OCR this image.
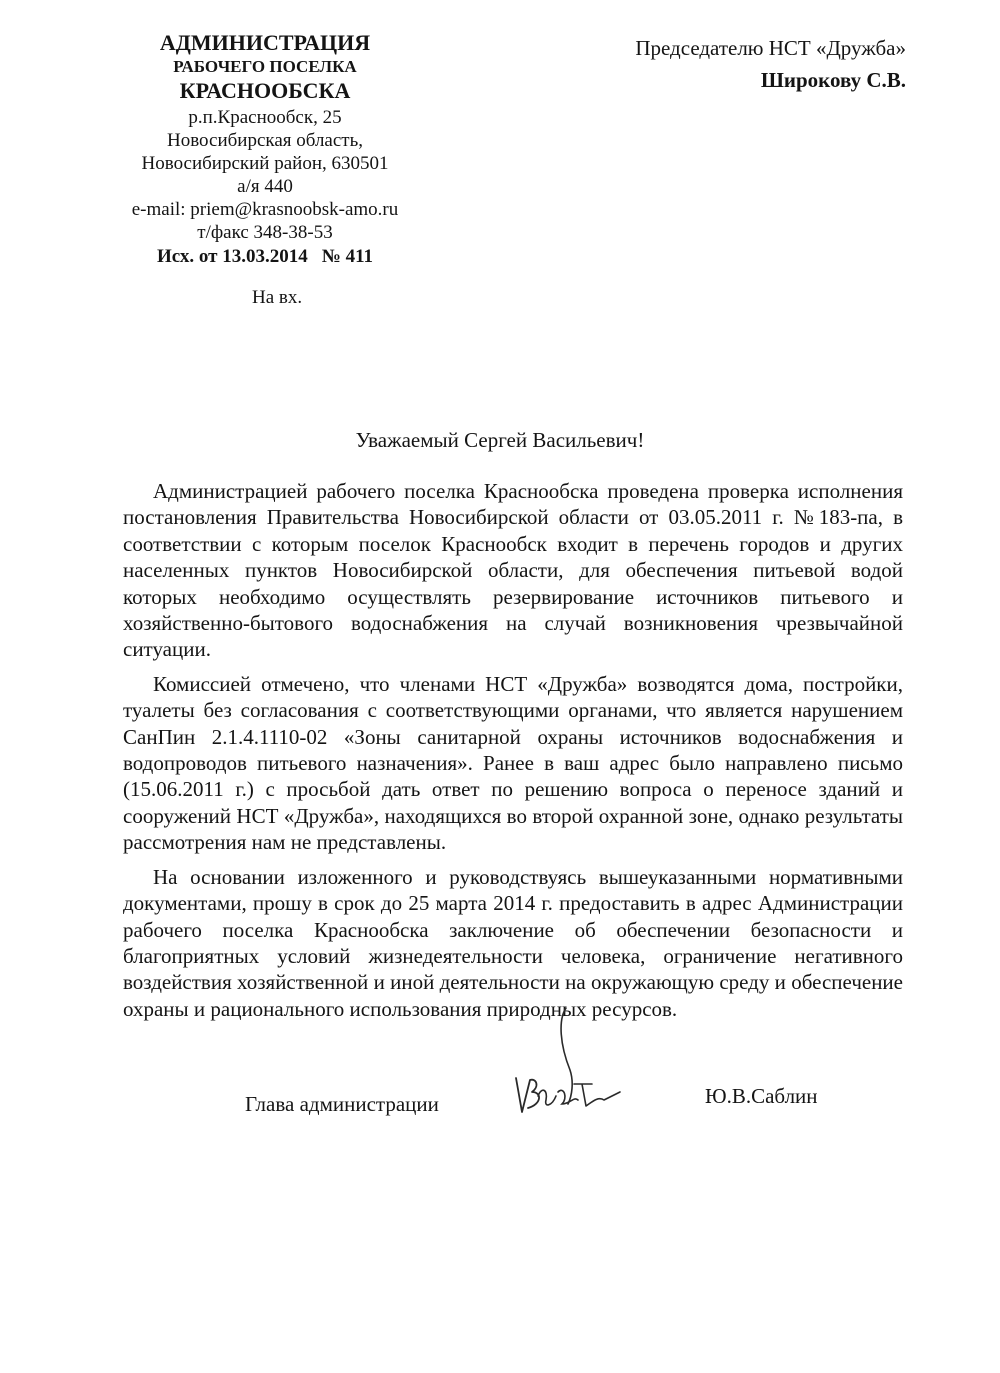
АДМИНИСТРАЦИЯ
РАБОЧЕГО ПОСЕЛКА
КРАСНООБСКА
р.п.Краснообск, 25
Новосибирская область,
Новосибирский район, 630501
а/я 440
e-mail: priem@krasnoobsk-amo.ru
т/факс 348-38-53
Исх. от 13.03.2014 № 411
На вх.
Председателю НСТ «Дружба»
Широкову С.В.
Уважаемый Сергей Васильевич!

Администрацией рабочего поселка Краснообска проведена проверка исполнения постановления Правительства Новосибирской области от 03.05.2011 г. №183-па, в соответствии с которым поселок Краснообск входит в перечень городов и других населенных пунктов Новосибирской области, для обеспечения питьевой водой которых необходимо осуществлять резервирование источников питьевого и хозяйственно-бытового водоснабжения на случай возникновения чрезвычайной ситуации.

Комиссией отмечено, что членами НСТ «Дружба» возводятся дома, постройки, туалеты без согласования с соответствующими органами, что является нарушением СанПин 2.1.4.1110-02 «Зоны санитарной охраны источников водоснабжения и водопроводов питьевого назначения». Ранее в ваш адрес было направлено письмо (15.06.2011 г.) с просьбой дать ответ по решению вопроса о переносе зданий и сооружений НСТ «Дружба», находящихся во второй охранной зоне, однако результаты рассмотрения нам не представлены.

На основании изложенного и руководствуясь вышеуказанными нормативными документами, прошу в срок до 25 марта 2014 г. предоставить в адрес Администрации рабочего поселка Краснообска заключение об обеспечении безопасности и благоприятных условий жизнедеятельности человека, ограничение негативного воздействия хозяйственной и иной деятельности на окружающую среду и обеспечение охраны и рационального использования природных ресурсов.

Глава администрации	Ю.В.Саблин
